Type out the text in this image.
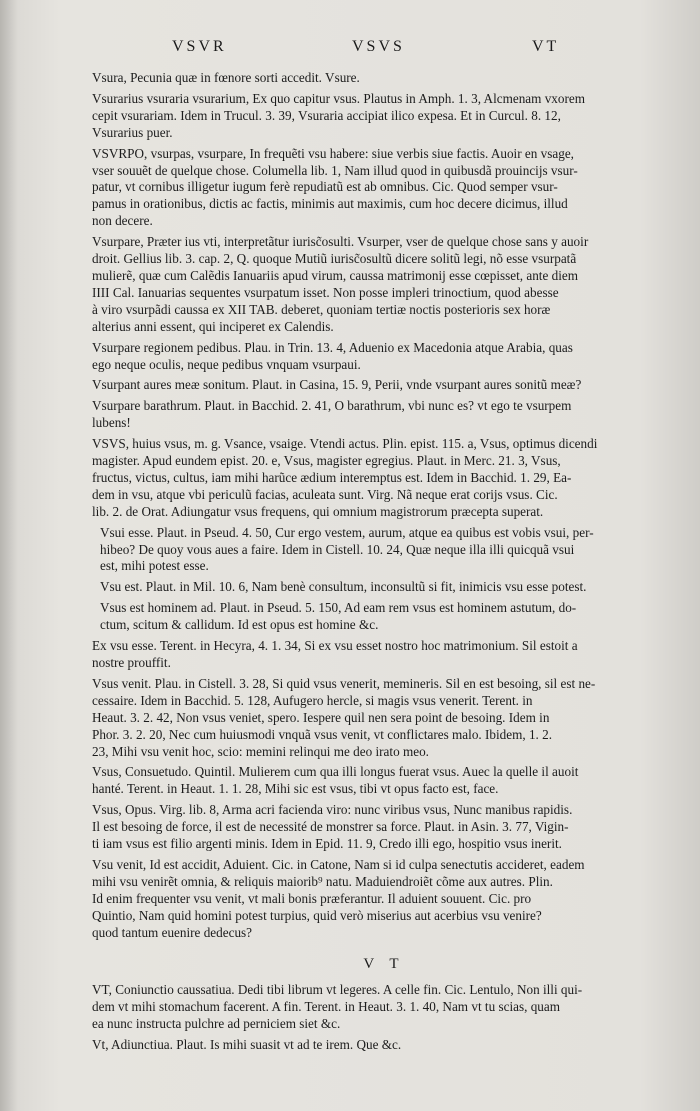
VSVR	VSVS	VT
Vsura, Pecunia quæ in fœnore sorti accedit. Vsure.
Vsurarius vsuraria vsurarium, Ex quo capitur vsus. Plautus in Amph. 1. 3, Alcmenam vxorem
cepit vsurariam. Idem in Trucul. 3. 39, Vsuraria accipiat ilico expesa. Et in Curcul. 8. 12,
Vsurarius puer.
VSVRPO, vsurpas, vsurpare, In frequẽti vsu habere: siue verbis siue factis. Auoir en vsage,
vser souuẽt de quelque chose. Columella lib. 1, Nam illud quod in quibusdã prouincijs vsur-
patur, vt cornibus illigetur iugum ferè repudiatũ est ab omnibus. Cic. Quod semper vsur-
pamus in orationibus, dictis ac factis, minimis aut maximis, cum hoc decere dicimus, illud
non decere.
Vsurpare, Præter ius vti, interpretãtur iurisc̃osulti. Vsurper, vser de quelque chose sans y auoir
droit. Gellius lib. 3. cap. 2, Q. quoque Mutiũ iurisc̃osultũ dicere solitũ legi, nõ esse vsurpatã
mulierẽ, quæ cum Calẽdis Ianuariis apud virum, caussa matrimonij esse cœpisset, ante diem
IIII Cal. Ianuarias sequentes vsurpatum isset. Non posse impleri trinoctium, quod abesse
à viro vsurpãdi caussa ex XII TAB. deberet, quoniam tertiæ noctis posterioris sex horæ
alterius anni essent, qui inciperet ex Calendis.
Vsurpare regionem pedibus. Plau. in Trin. 13. 4, Aduenio ex Macedonia atque Arabia, quas
ego neque oculis, neque pedibus vnquam vsurpaui.
Vsurpant aures meæ sonitum. Plaut. in Casina, 15. 9, Perii, vnde vsurpant aures sonitũ meæ?
Vsurpare barathrum. Plaut. in Bacchid. 2. 41, O barathrum, vbi nunc es? vt ego te vsurpem
lubens!
VSVS, huius vsus, m. g. Vsance, vsaige. Vtendi actus. Plin. epist. 115. a, Vsus, optimus dicendi
magister. Apud eundem epist. 20. e, Vsus, magister egregius. Plaut. in Merc. 21. 3, Vsus,
fructus, victus, cultus, iam mihi harũce ædium interemptus est. Idem in Bacchid. 1. 29, Ea-
dem in vsu, atque vbi periculũ facias, aculeata sunt. Virg. Nã neque erat corijs vsus. Cic.
lib. 2. de Orat. Adiungatur vsus frequens, qui omnium magistrorum præcepta superat.
Vsui esse. Plaut. in Pseud. 4. 50, Cur ergo vestem, aurum, atque ea quibus est vobis vsui, per-
hibeo? De quoy vous aues a faire. Idem in Cistell. 10. 24, Quæ neque illa illi quicquã vsui
est, mihi potest esse.
Vsu est. Plaut. in Mil. 10. 6, Nam benè consultum, inconsultũ si fit, inimicis vsu esse potest.
Vsus est hominem ad. Plaut. in Pseud. 5. 150, Ad eam rem vsus est hominem astutum, do-
ctum, scitum & callidum. Id est opus est homine &c.
Ex vsu esse. Terent. in Hecyra, 4. 1. 34, Si ex vsu esset nostro hoc matrimonium. Sil estoit a
nostre prouffit.
Vsus venit. Plau. in Cistell. 3. 28, Si quid vsus venerit, memineris. Sil en est besoing, sil est ne-
cessaire. Idem in Bacchid. 5. 128, Aufugero hercle, si magis vsus venerit. Terent. in
Heaut. 3. 2. 42, Non vsus veniet, spero. Iespere quil nen sera point de besoing. Idem in
Phor. 3. 2. 20, Nec cum huiusmodi vnquã vsus venit, vt conflictares malo. Ibidem, 1. 2.
23, Mihi vsu venit hoc, scio: memini relinqui me deo irato meo.
Vsus, Consuetudo. Quintil. Mulierem cum qua illi longus fuerat vsus. Auec la quelle il auoit
hanté. Terent. in Heaut. 1. 1. 28, Mihi sic est vsus, tibi vt opus facto est, face.
Vsus, Opus. Virg. lib. 8, Arma acri facienda viro: nunc viribus vsus, Nunc manibus rapidis.
Il est besoing de force, il est de necessité de monstrer sa force. Plaut. in Asin. 3. 77, Vigin-
ti iam vsus est filio argenti minis. Idem in Epid. 11. 9, Credo illi ego, hospitio vsus inerit.
Vsu venit, Id est accidit, Aduient. Cic. in Catone, Nam si id culpa senectutis accideret, eadem
mihi vsu venirẽt omnia, & reliquis maiorib⁹ natu. Maduiendroiẽt cõme aux autres. Plin.
Id enim frequenter vsu venit, vt mali bonis præferantur. Il aduient souuent. Cic. pro
Quintio, Nam quid homini potest turpius, quid verò miserius aut acerbius vsu venire?
quod tantum euenire dedecus?
V T
VT, Coniunctio caussatiua. Dedi tibi librum vt legeres. A celle fin. Cic. Lentulo, Non illi qui-
dem vt mihi stomachum facerent. A fin. Terent. in Heaut. 3. 1. 40, Nam vt tu scias, quam
ea nunc instructa pulchre ad perniciem siet &c.
Vt, Adiunctiua. Plaut. Is mihi suasit vt ad te irem. Que &c.
